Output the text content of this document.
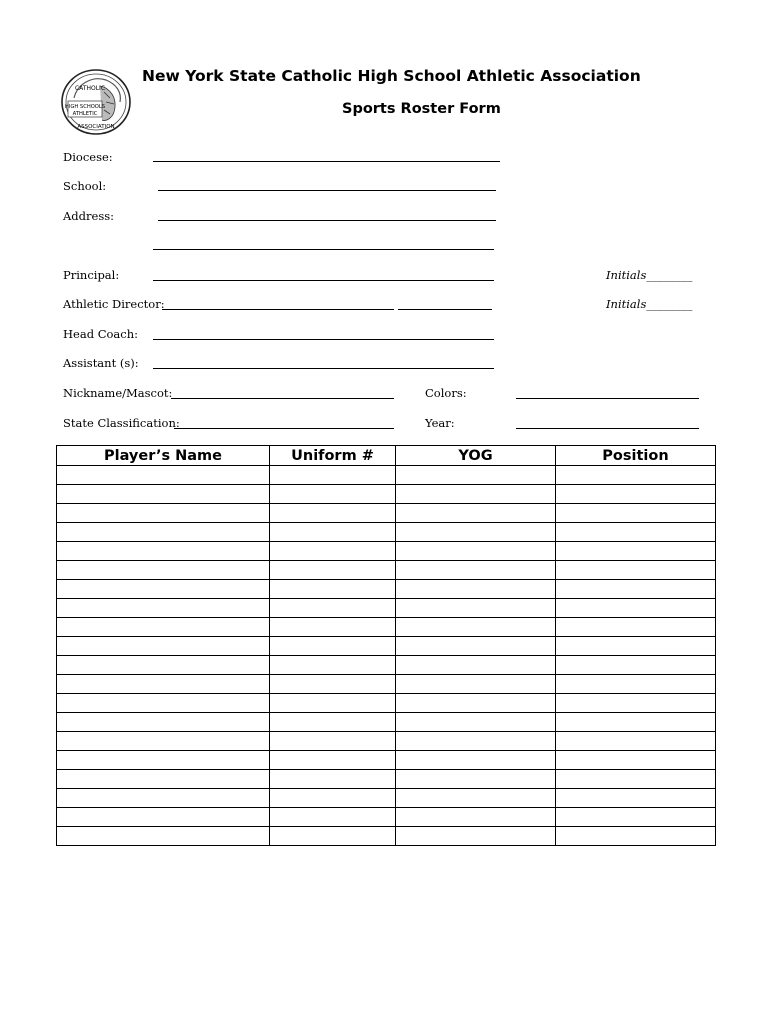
HIGH SCHOOLS
ATHLETIC
CATHOLIC
ASSOCIATION
New York State Catholic High School Athletic Association
Sports Roster Form
Diocese:
School:
Address:
Principal:	Initials________
Athletic Director:	Initials________
Head Coach:
Assistant (s):
Nickname/Mascot:	Colors:
State Classification:	Year:
Player’s Name	Uniform #	YOG	Position
